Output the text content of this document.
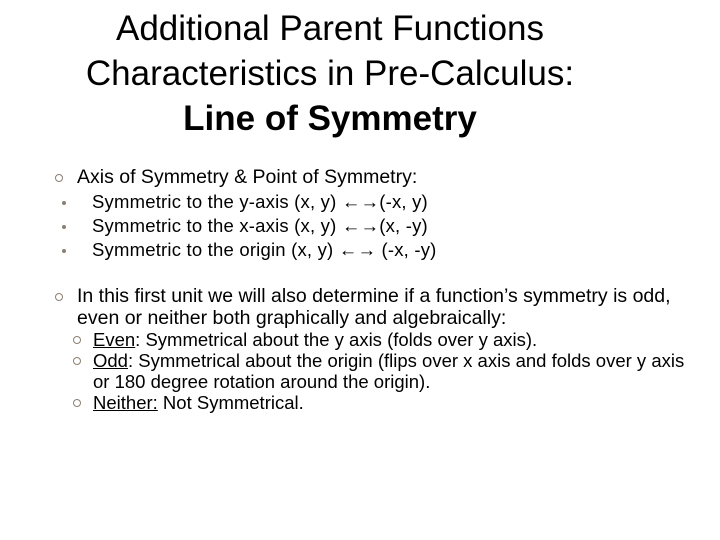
Additional Parent Functions
Characteristics in Pre-Calculus:
Line of Symmetry
Axis of Symmetry & Point of Symmetry:
Symmetric to the y-axis (x, y) ←→(-x, y)
Symmetric to the x-axis (x, y) ←→(x, -y)
Symmetric to the origin (x, y) ←→ (-x, -y)
In this first unit we will also determine if a function’s symmetry is odd, even or neither both graphically and algebraically:
Even: Symmetrical about the y axis (folds over y axis).
Odd: Symmetrical about the origin (flips over x axis and folds over y axis or 180 degree rotation around the origin).
Neither: Not Symmetrical.
